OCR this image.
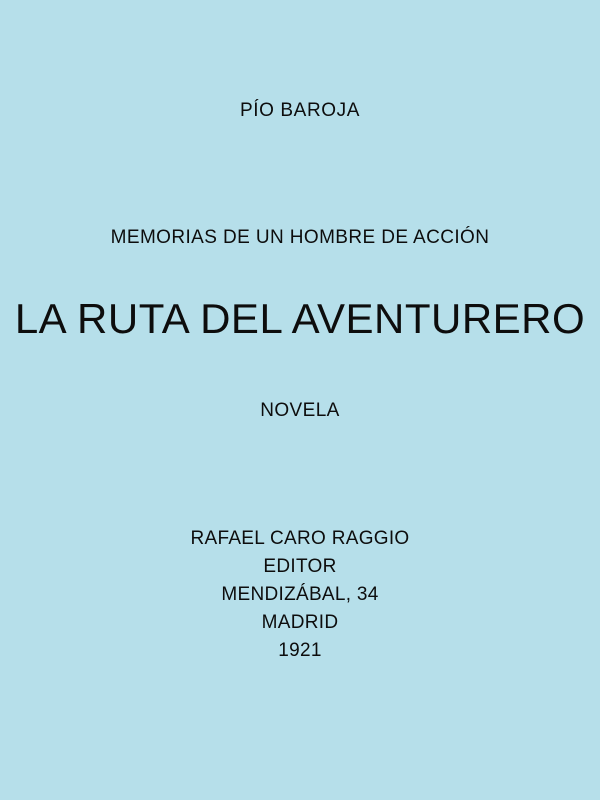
PÍO BAROJA
MEMORIAS DE UN HOMBRE DE ACCIÓN
LA RUTA DEL AVENTURERO
NOVELA
RAFAEL CARO RAGGIO
EDITOR
MENDIZÁBAL, 34
MADRID
1921
